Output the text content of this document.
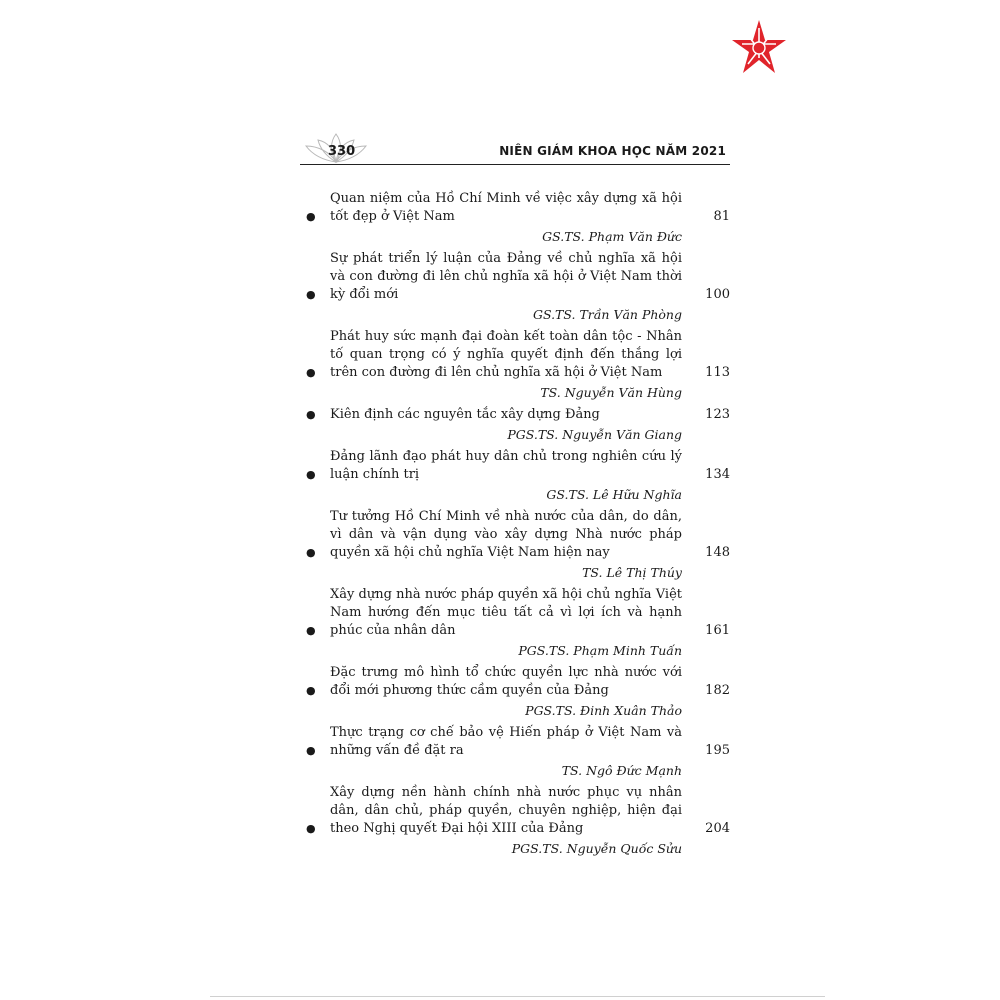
330	NIÊN GIÁM KHOA HỌC NĂM 2021
●
Quan niệm của Hồ Chí Minh về việc xây dựng xã hội tốt đẹp ở Việt Nam	81
GS.TS. Phạm Văn Đức
●
Sự phát triển lý luận của Đảng về chủ nghĩa xã hội và con đường đi lên chủ nghĩa xã hội ở Việt Nam thời kỳ đổi mới	100
GS.TS. Trần Văn Phòng
●
Phát huy sức mạnh đại đoàn kết toàn dân tộc - Nhân tố quan trọng có ý nghĩa quyết định đến thắng lợi trên con đường đi lên chủ nghĩa xã hội ở Việt Nam	113
TS. Nguyễn Văn Hùng
●	Kiên định các nguyên tắc xây dựng Đảng	123
PGS.TS. Nguyễn Văn Giang
●
Đảng lãnh đạo phát huy dân chủ trong nghiên cứu lý luận chính trị	134
GS.TS. Lê Hữu Nghĩa
●
Tư tưởng Hồ Chí Minh về nhà nước của dân, do dân, vì dân và vận dụng vào xây dựng Nhà nước pháp quyền xã hội chủ nghĩa Việt Nam hiện nay	148
TS. Lê Thị Thúy
●
Xây dựng nhà nước pháp quyền xã hội chủ nghĩa Việt Nam hướng đến mục tiêu tất cả vì lợi ích và hạnh phúc của nhân dân	161
PGS.TS. Phạm Minh Tuấn
●
Đặc trưng mô hình tổ chức quyền lực nhà nước với đổi mới phương thức cầm quyền của Đảng	182
PGS.TS. Đinh Xuân Thảo
●
Thực trạng cơ chế bảo vệ Hiến pháp ở Việt Nam và những vấn đề đặt ra	195
TS. Ngô Đức Mạnh
●
Xây dựng nền hành chính nhà nước phục vụ nhân dân, dân chủ, pháp quyền, chuyên nghiệp, hiện đại theo Nghị quyết Đại hội XIII của Đảng	204
PGS.TS. Nguyễn Quốc Sửu
